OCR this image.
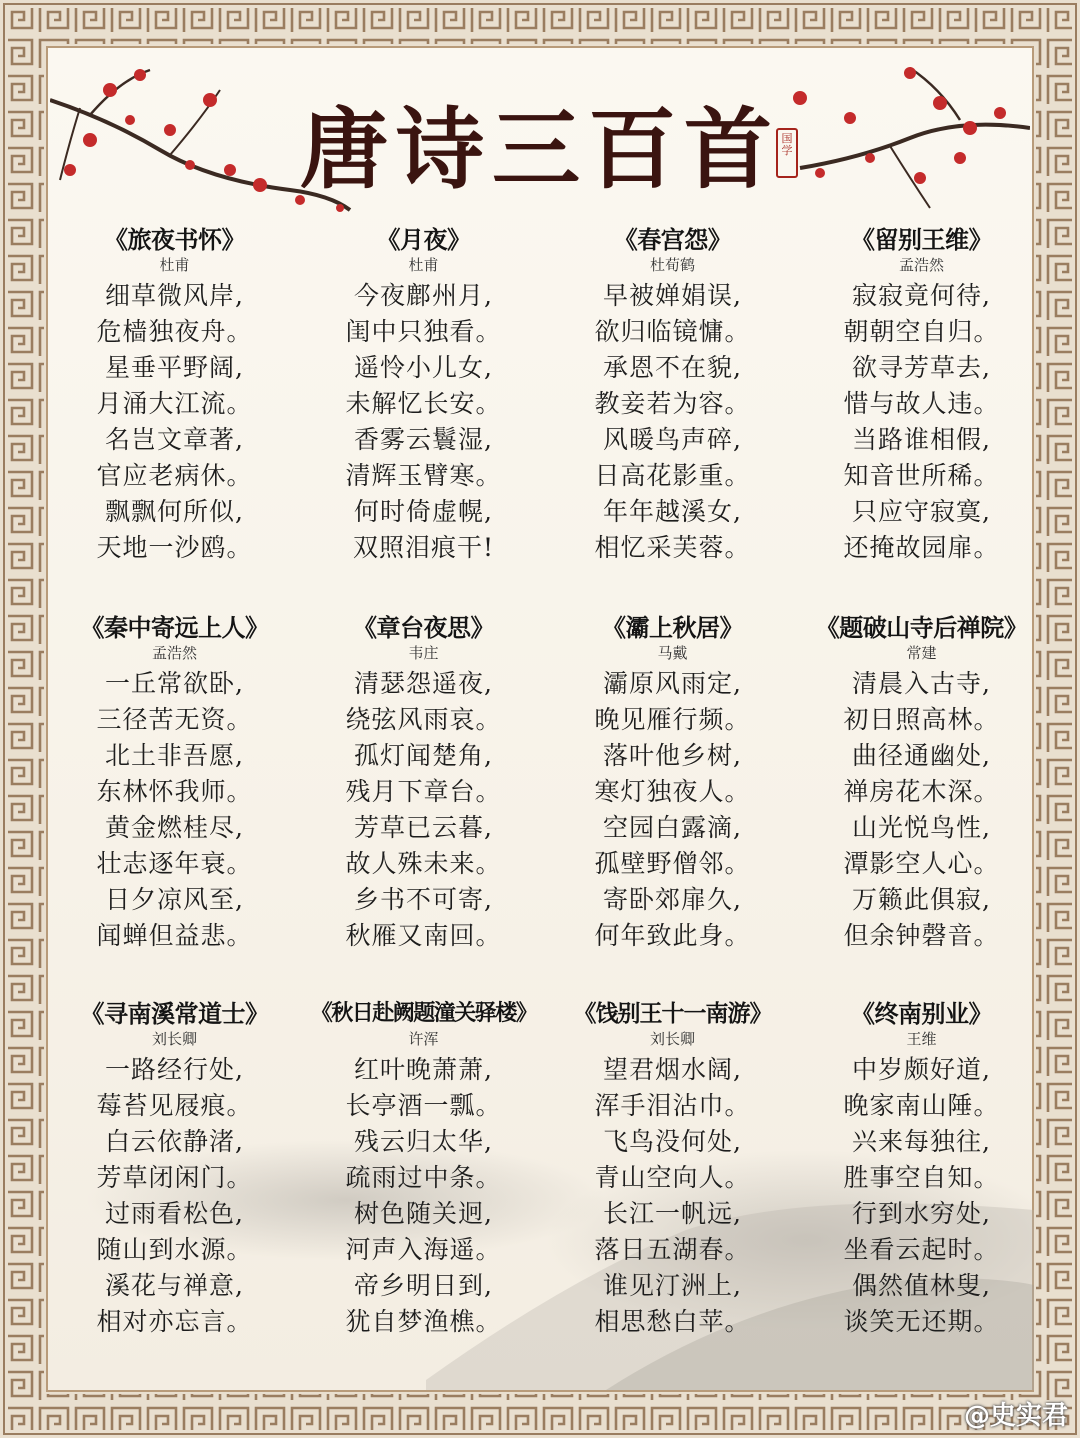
唐诗三百首 国学
《旅夜书怀》
杜甫
细草微风岸,
危樯独夜舟。
星垂平野阔,
月涌大江流。
名岂文章著,
官应老病休。
飘飘何所似,
天地一沙鸥。
《月夜》
杜甫
今夜鄜州月,
闺中只独看。
遥怜小儿女,
未解忆长安。
香雾云鬟湿,
清辉玉臂寒。
何时倚虚幌,
双照泪痕干!
《春宫怨》
杜荀鹤
早被婵娟误,
欲归临镜慵。
承恩不在貌,
教妾若为容。
风暖鸟声碎,
日高花影重。
年年越溪女,
相忆采芙蓉。
《留别王维》
孟浩然
寂寂竟何待,
朝朝空自归。
欲寻芳草去,
惜与故人违。
当路谁相假,
知音世所稀。
只应守寂寞,
还掩故园扉。
《秦中寄远上人》
孟浩然
一丘常欲卧,
三径苦无资。
北土非吾愿,
东林怀我师。
黄金燃桂尽,
壮志逐年衰。
日夕凉风至,
闻蝉但益悲。
《章台夜思》
韦庄
清瑟怨遥夜,
绕弦风雨哀。
孤灯闻楚角,
残月下章台。
芳草已云暮,
故人殊未来。
乡书不可寄,
秋雁又南回。
《灞上秋居》
马戴
灞原风雨定,
晚见雁行频。
落叶他乡树,
寒灯独夜人。
空园白露滴,
孤壁野僧邻。
寄卧郊扉久,
何年致此身。
《题破山寺后禅院》
常建
清晨入古寺,
初日照高林。
曲径通幽处,
禅房花木深。
山光悦鸟性,
潭影空人心。
万籁此俱寂,
但余钟磬音。
《寻南溪常道士》
刘长卿
一路经行处,
莓苔见屐痕。
白云依静渚,
芳草闭闲门。
过雨看松色,
随山到水源。
溪花与禅意,
相对亦忘言。
《秋日赴阙题潼关驿楼》
许浑
红叶晚萧萧,
长亭酒一瓢。
残云归太华,
疏雨过中条。
树色随关迥,
河声入海遥。
帝乡明日到,
犹自梦渔樵。
《饯别王十一南游》
刘长卿
望君烟水阔,
浑手泪沾巾。
飞鸟没何处,
青山空向人。
长江一帆远,
落日五湖春。
谁见汀洲上,
相思愁白苹。
《终南别业》
王维
中岁颇好道,
晚家南山陲。
兴来每独往,
胜事空自知。
行到水穷处,
坐看云起时。
偶然值林叟,
谈笑无还期。
@史实君
